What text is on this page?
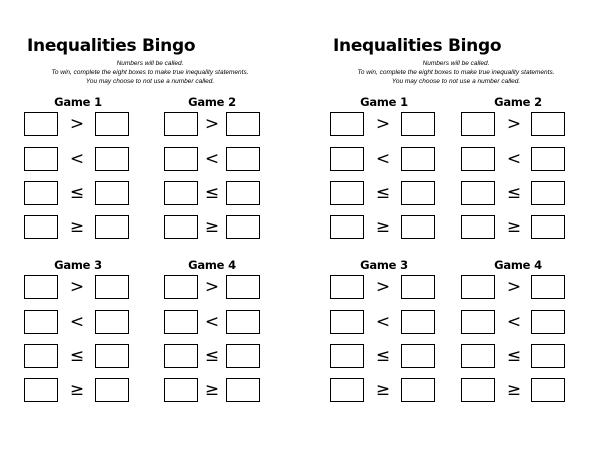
Inequalities Bingo
Numbers will be called.
To win, complete the eight boxes to make true inequality statements.
You may choose to not use a number called.
Game 1
>
<
≤
≥
Game 2
>
<
≤
≥
Game 3
>
<
≤
≥
Game 4
>
<
≤
≥
Inequalities Bingo
Numbers will be called.
To win, complete the eight boxes to make true inequality statements.
You may choose to not use a number called.
Game 1
>
<
≤
≥
Game 2
>
<
≤
≥
Game 3
>
<
≤
≥
Game 4
>
<
≤
≥
